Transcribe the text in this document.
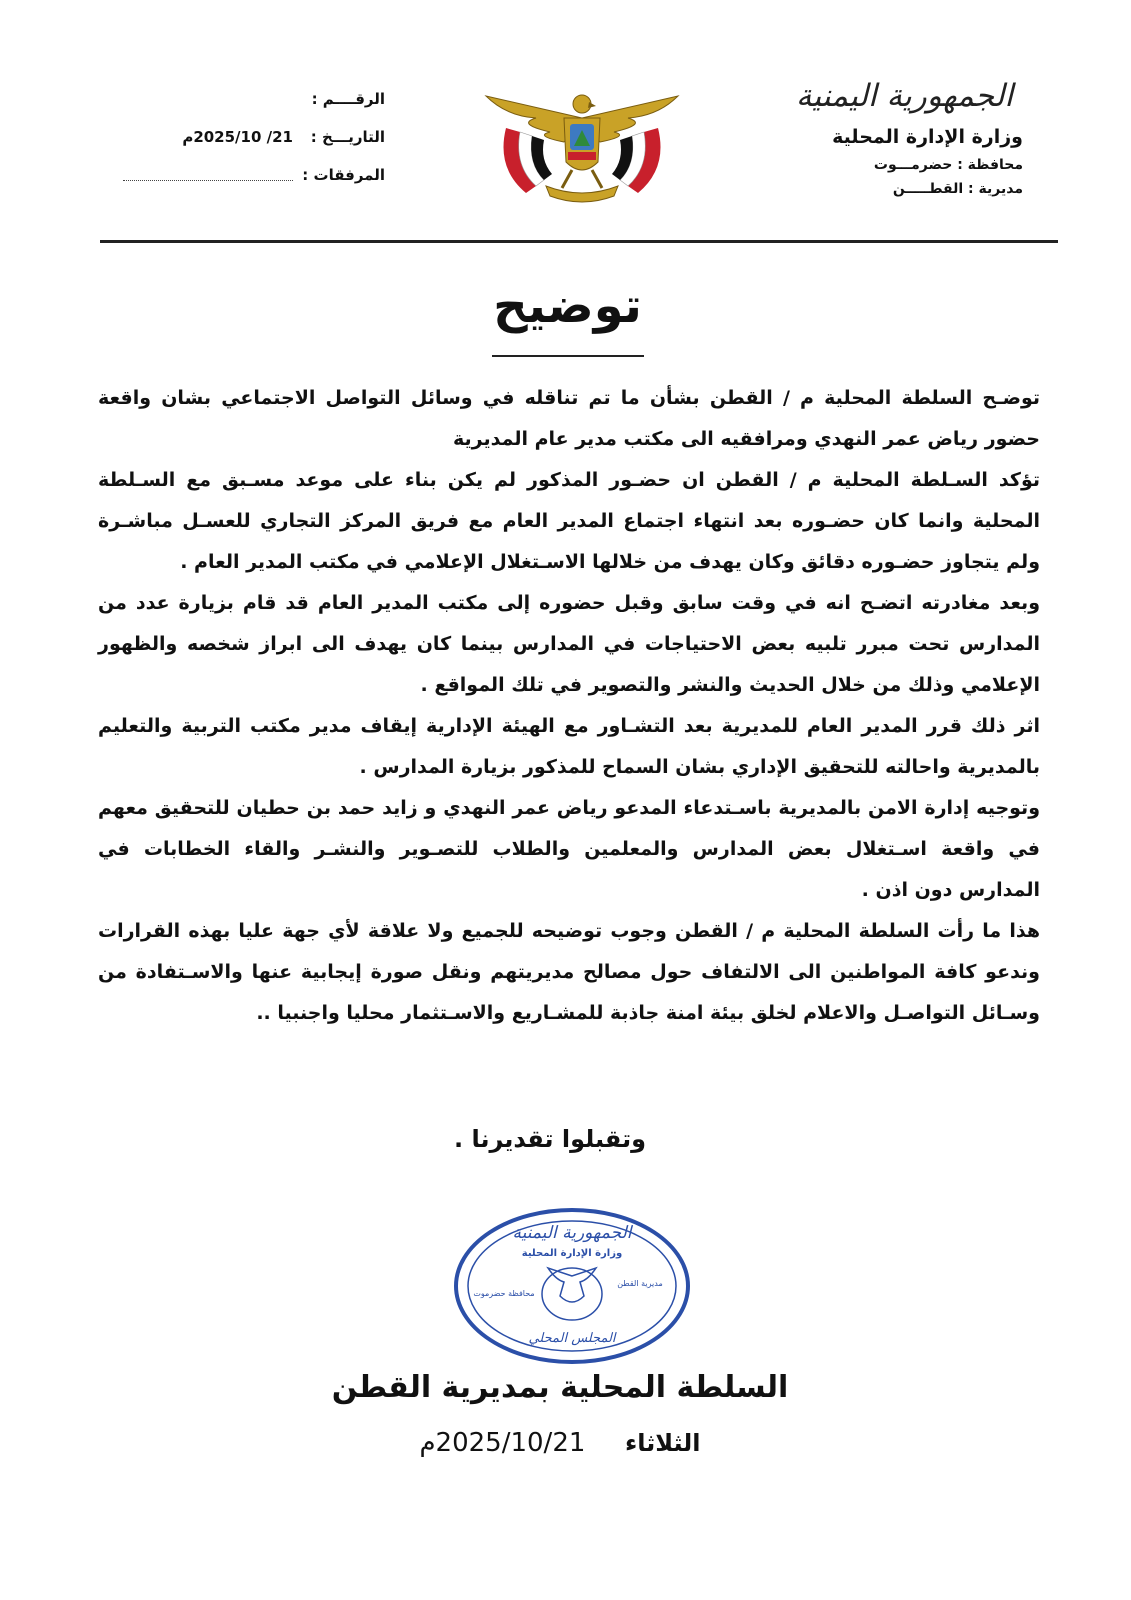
الجمهورية اليمنية
وزارة الإدارة المحلية
محافظة : حضرمـــوت
مديرية : القطـــــن
الرقــــم :
التاريـــخ :
21/ 2025/10م
المرفقات :
توضيح

توضـح السلطة المحلية م / القطن بشأن ما تم تناقله في وسائل التواصل الاجتماعي بشان واقعة حضور رياض عمر النهدي ومرافقيه الى مكتب مدير عام المديرية

تؤكد السـلطة المحلية م / القطن ان حضـور المذكور لم يكن بناء على موعد مسـبق مع السـلطة المحلية وانما كان حضـوره بعد انتهاء اجتماع المدير العام مع فريق المركز التجاري للعسـل مباشـرة ولم يتجاوز حضـوره دقائق وكان يهدف من خلالها الاسـتغلال الإعلامي في مكتب المدير العام .

وبعد مغادرته اتضـح انه في وقت سابق وقبل حضوره إلى مكتب المدير العام قد قام بزيارة عدد من المدارس تحت مبرر تلبيه بعض الاحتياجات في المدارس بينما كان يهدف الى ابراز شخصه والظهور الإعلامي وذلك من خلال الحديث والنشر والتصوير في تلك المواقع .

اثر ذلك قرر المدير العام للمديرية بعد التشـاور مع الهيئة الإدارية إيقاف مدير مكتب التربية والتعليم بالمديرية واحالته للتحقيق الإداري بشان السماح للمذكور بزيارة المدارس .

وتوجيه إدارة الامن بالمديرية باسـتدعاء المدعو رياض عمر النهدي و زايد حمد بن حطيان للتحقيق معهم في واقعة اسـتغلال بعض المدارس والمعلمين والطلاب للتصـوير والنشـر والقاء الخطابات في المدارس دون اذن .

هذا ما رأت السلطة المحلية م / القطن وجوب توضيحه للجميع ولا علاقة لأي جهة عليا بهذه القرارات وندعو كافة المواطنين الى الالتفاف حول مصالح مديريتهم ونقل صورة إيجابية عنها والاسـتفادة من وسـائل التواصـل والاعلام لخلق بيئة امنة جاذبة للمشـاريع والاسـتثمار محليا واجنبيا ..

وتقبلوا تقديرنا .
الجمهورية اليمنية
وزارة الإدارة المحلية
محافظة حضرموت
مديرية القطن
المجلس المحلي
السلطة المحلية بمديرية القطن
الثلاثاء 2025/10/21م
